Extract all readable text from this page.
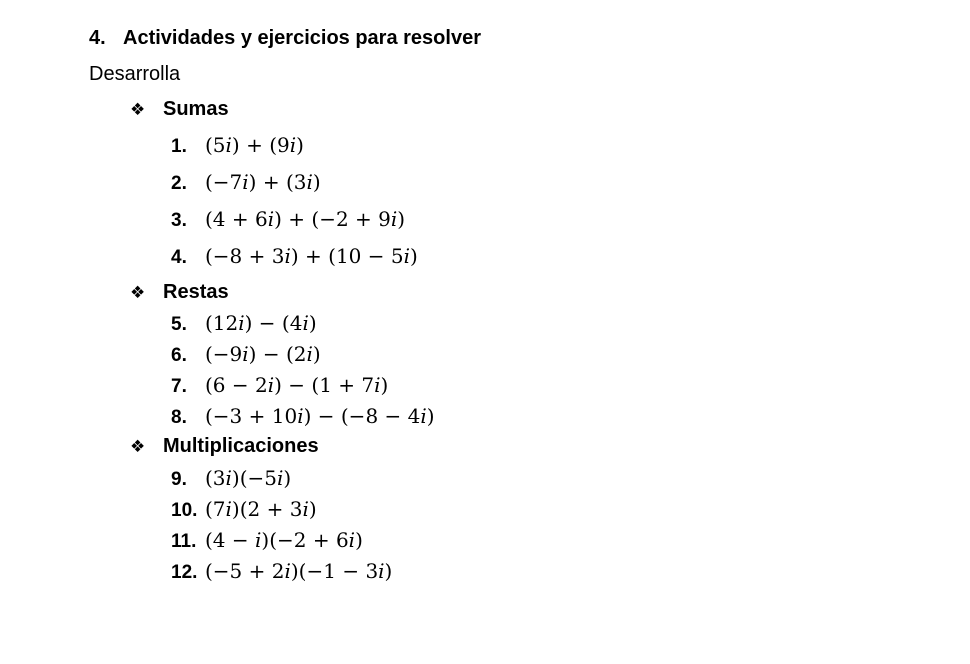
4. Actividades y ejercicios para resolver
Desarrolla
❖ Sumas
1. (5𝑖) + (9𝑖)
2. (−7𝑖) + (3𝑖)
3. (4 + 6𝑖) + (−2 + 9𝑖)
4. (−8 + 3𝑖) + (10 − 5𝑖)
❖ Restas
5. (12𝑖) − (4𝑖)
6. (−9𝑖) − (2𝑖)
7. (6 − 2𝑖) − (1 + 7𝑖)
8. (−3 + 10𝑖) − (−8 − 4𝑖)
❖ Multiplicaciones
9. (3𝑖)(−5𝑖)
10. (7𝑖)(2 + 3𝑖)
11. (4 − 𝑖)(−2 + 6𝑖)
12. (−5 + 2𝑖)(−1 − 3𝑖)
